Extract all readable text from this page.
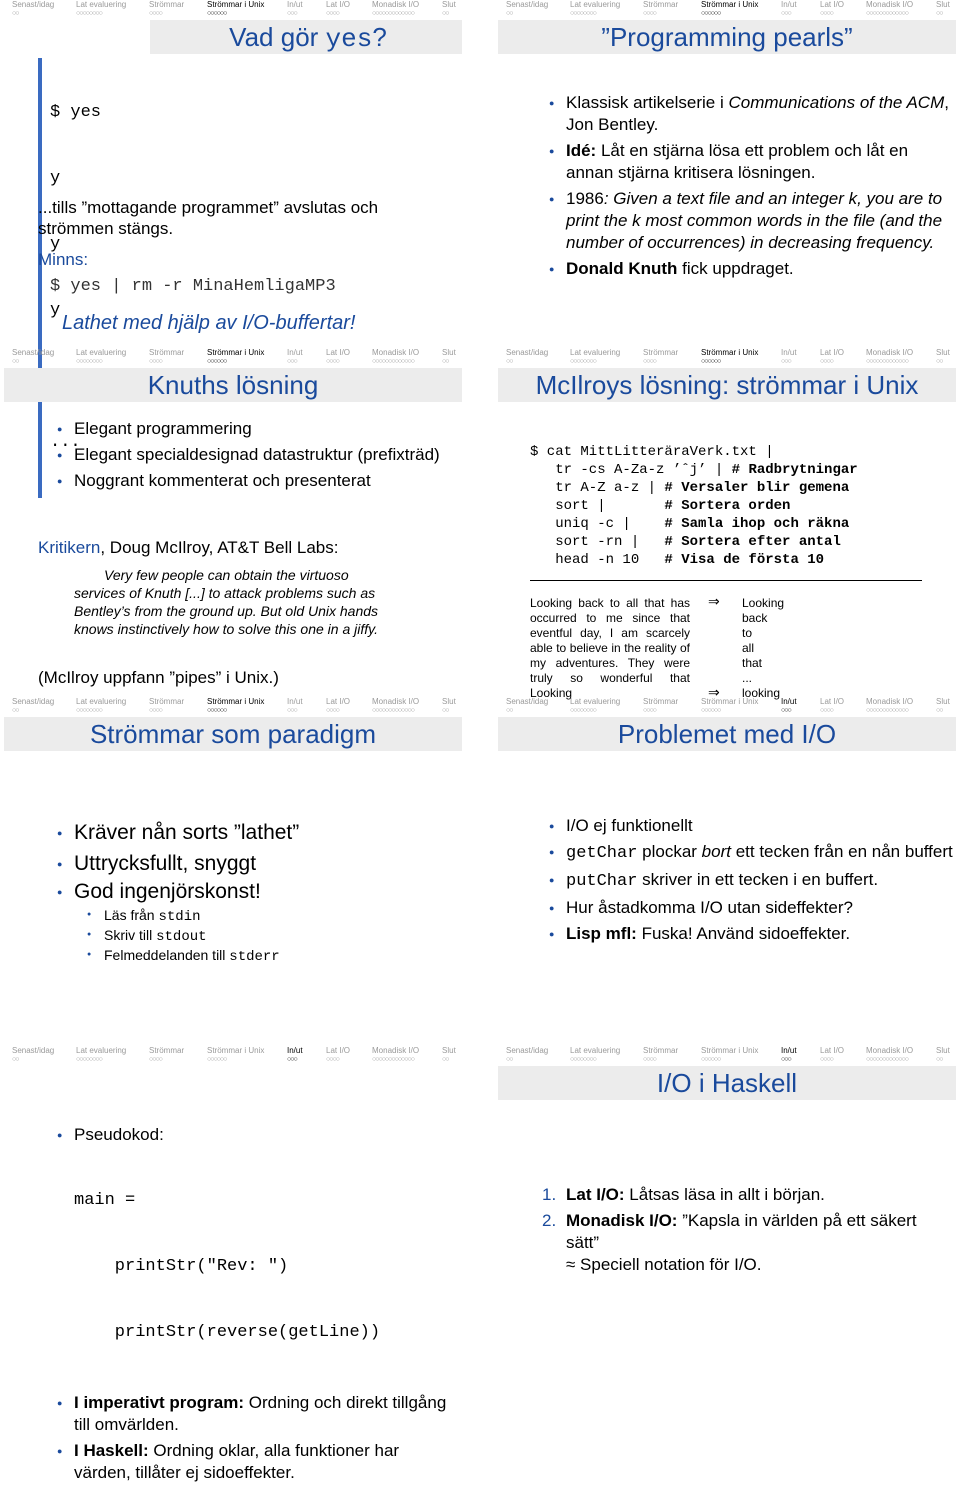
Senast/idag
○○
Lat evaluering
○○○○○○○○
Strömmar
○○○○
Strömmar i Unix
○○○○○○
In/ut
○○○
Lat I/O
○○○○
Monadisk I/O
○○○○○○○○○○○○○
Slut
○○
Vad gör yes?

$ yes

y

y

y

...

...tills ”mottagande programmet” avslutas och strömmen stängs.
Minns:
$ yes | rm -r MinaHemligaMP3
Lathet med hjälp av I/O-buffertar!
Senast/idag
○○
Lat evaluering
○○○○○○○○
Strömmar
○○○○
Strömmar i Unix
○○○○○○
In/ut
○○○
Lat I/O
○○○○
Monadisk I/O
○○○○○○○○○○○○○
Slut
○○
”Programming pearls”
● Klassisk artikelserie i Communications of the ACM, Jon Bentley.
● Idé: Låt en stjärna lösa ett problem och låt en annan stjärna kritisera lösningen.
● 1986: Given a text file and an integer k, you are to print the k most common words in the file (and the number of occurrences) in decreasing frequency.
● Donald Knuth fick uppdraget.
Senast/idag
○○
Lat evaluering
○○○○○○○○
Strömmar
○○○○
Strömmar i Unix
○○○○○○
In/ut
○○○
Lat I/O
○○○○
Monadisk I/O
○○○○○○○○○○○○○
Slut
○○
Knuths lösning
● Elegant programmering
● Elegant specialdesignad datastruktur (prefixträd)
● Noggrant kommenterat och presenterat
Kritikern, Doug McIlroy, AT&T Bell Labs:
Very few people can obtain the virtuoso services of Knuth [...] to attack problems such as Bentley’s from the ground up. But old Unix hands knows instinctively how to solve this one in a jiffy.
(McIlroy uppfann ”pipes” i Unix.)
Senast/idag
○○
Lat evaluering
○○○○○○○○
Strömmar
○○○○
Strömmar i Unix
○○○○○○
In/ut
○○○
Lat I/O
○○○○
Monadisk I/O
○○○○○○○○○○○○○
Slut
○○
McIlroys lösning: strömmar i Unix
$ cat MittLitteräraVerk.txt |
tr -cs A-Za-z ’ˆj’ | # Radbrytningar
tr A-Z a-z | # Versaler blir gemena
sort |       # Sortera orden
uniq -c |    # Samla ihop och räkna
sort -rn |   # Sortera efter antal
head -n 10   # Visa de första 10
Looking back to all that has occurred to me since that eventful day, I am scarcely able to believe in the reality of my adventures. They were truly so wonderful that Looking
⇒
⇒
Looking
back
to
all
that
...
looking
Senast/idag
○○
Lat evaluering
○○○○○○○○
Strömmar
○○○○
Strömmar i Unix
○○○○○○
In/ut
○○○
Lat I/O
○○○○
Monadisk I/O
○○○○○○○○○○○○○
Slut
○○
Strömmar som paradigm
● Kräver nån sorts ”lathet”
● Uttrycksfullt, snyggt
● God ingenjörskonst!
● Läs från stdin
● Skriv till stdout
● Felmeddelanden till stderr
Senast/idag
○○
Lat evaluering
○○○○○○○○
Strömmar
○○○○
Strömmar i Unix
○○○○○○
In/ut
○○○
Lat I/O
○○○○
Monadisk I/O
○○○○○○○○○○○○○
Slut
○○
Problemet med I/O
● I/O ej funktionellt
● getChar plockar bort ett tecken från en nån buffert
● putChar skriver in ett tecken i en buffert.
● Hur åstadkomma I/O utan sideffekter?
● Lisp mfl: Fuska! Använd sidoeffekter.
Senast/idag
○○
Lat evaluering
○○○○○○○○
Strömmar
○○○○
Strömmar i Unix
○○○○○○
In/ut
○○○
Lat I/O
○○○○
Monadisk I/O
○○○○○○○○○○○○○
Slut
○○
● Pseudokod:

main =

printStr("Rev: ")

printStr(reverse(getLine))

● I imperativt program: Ordning och direkt tillgång till omvärlden.
● I Haskell: Ordning oklar, alla funktioner har värden, tillåter ej sidoeffekter.
Senast/idag
○○
Lat evaluering
○○○○○○○○
Strömmar
○○○○
Strömmar i Unix
○○○○○○
In/ut
○○○
Lat I/O
○○○○
Monadisk I/O
○○○○○○○○○○○○○
Slut
○○
I/O i Haskell
1. Lat I/O: Låtsas läsa in allt i början.
2. Monadisk I/O: ”Kapsla in världen på ett säkert sätt”
≈ Speciell notation för I/O.
